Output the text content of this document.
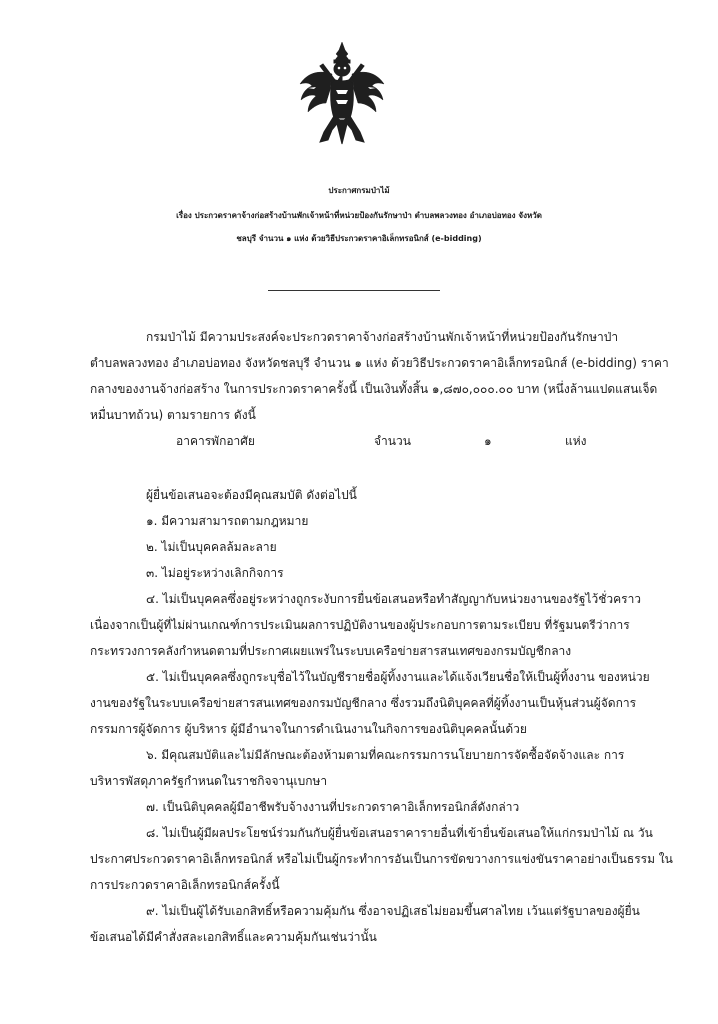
ประกาศกรมป่าไม้
เรื่อง ประกวดราคาจ้างก่อสร้างบ้านพักเจ้าหน้าที่หน่วยป้องกันรักษาป่า ตำบลพลวงทอง อำเภอบ่อทอง จังหวัด
ชลบุรี จำนวน ๑ แห่ง ด้วยวิธีประกวดราคาอิเล็กทรอนิกส์ (e-bidding)
กรมป่าไม้ มีความประสงค์จะประกวดราคาจ้างก่อสร้างบ้านพักเจ้าหน้าที่หน่วยป้องกันรักษาป่า
ตำบลพลวงทอง อำเภอบ่อทอง จังหวัดชลบุรี จำนวน ๑ แห่ง ด้วยวิธีประกวดราคาอิเล็กทรอนิกส์ (e-bidding) ราคา
กลางของงานจ้างก่อสร้าง ในการประกวดราคาครั้งนี้ เป็นเงินทั้งสิ้น ๑,๘๗๐,๐๐๐.๐๐ บาท (หนึ่งล้านแปดแสนเจ็ด
หมื่นบาทถ้วน) ตามรายการ ดังนี้
อาคารพักอาศัย	จำนวน	๑	แห่ง
ผู้ยื่นข้อเสนอจะต้องมีคุณสมบัติ ดังต่อไปนี้
๑. มีความสามารถตามกฎหมาย
๒. ไม่เป็นบุคคลล้มละลาย
๓. ไม่อยู่ระหว่างเลิกกิจการ
๔. ไม่เป็นบุคคลซึ่งอยู่ระหว่างถูกระงับการยื่นข้อเสนอหรือทำสัญญากับหน่วยงานของรัฐไว้ชั่วคราว
เนื่องจากเป็นผู้ที่ไม่ผ่านเกณฑ์การประเมินผลการปฏิบัติงานของผู้ประกอบการตามระเบียบ ที่รัฐมนตรีว่าการ
กระทรวงการคลังกำหนดตามที่ประกาศเผยแพร่ในระบบเครือข่ายสารสนเทศของกรมบัญชีกลาง
๕. ไม่เป็นบุคคลซึ่งถูกระบุชื่อไว้ในบัญชีรายชื่อผู้ทิ้งงานและได้แจ้งเวียนชื่อให้เป็นผู้ทิ้งงาน ของหน่วย
งานของรัฐในระบบเครือข่ายสารสนเทศของกรมบัญชีกลาง ซึ่งรวมถึงนิติบุคคลที่ผู้ทิ้งงานเป็นหุ้นส่วนผู้จัดการ
กรรมการผู้จัดการ ผู้บริหาร ผู้มีอำนาจในการดำเนินงานในกิจการของนิติบุคคลนั้นด้วย
๖. มีคุณสมบัติและไม่มีลักษณะต้องห้ามตามที่คณะกรรมการนโยบายการจัดซื้อจัดจ้างและ การ
บริหารพัสดุภาครัฐกำหนดในราชกิจจานุเบกษา
๗. เป็นนิติบุคคลผู้มีอาชีพรับจ้างงานที่ประกวดราคาอิเล็กทรอนิกส์ดังกล่าว
๘. ไม่เป็นผู้มีผลประโยชน์ร่วมกันกับผู้ยื่นข้อเสนอราคารายอื่นที่เข้ายื่นข้อเสนอให้แก่กรมป่าไม้ ณ วัน
ประกาศประกวดราคาอิเล็กทรอนิกส์ หรือไม่เป็นผู้กระทำการอันเป็นการขัดขวางการแข่งขันราคาอย่างเป็นธรรม ใน
การประกวดราคาอิเล็กทรอนิกส์ครั้งนี้
๙. ไม่เป็นผู้ได้รับเอกสิทธิ์หรือความคุ้มกัน ซึ่งอาจปฏิเสธไม่ยอมขึ้นศาลไทย เว้นแต่รัฐบาลของผู้ยื่น
ข้อเสนอได้มีคำสั่งสละเอกสิทธิ์และความคุ้มกันเช่นว่านั้น
